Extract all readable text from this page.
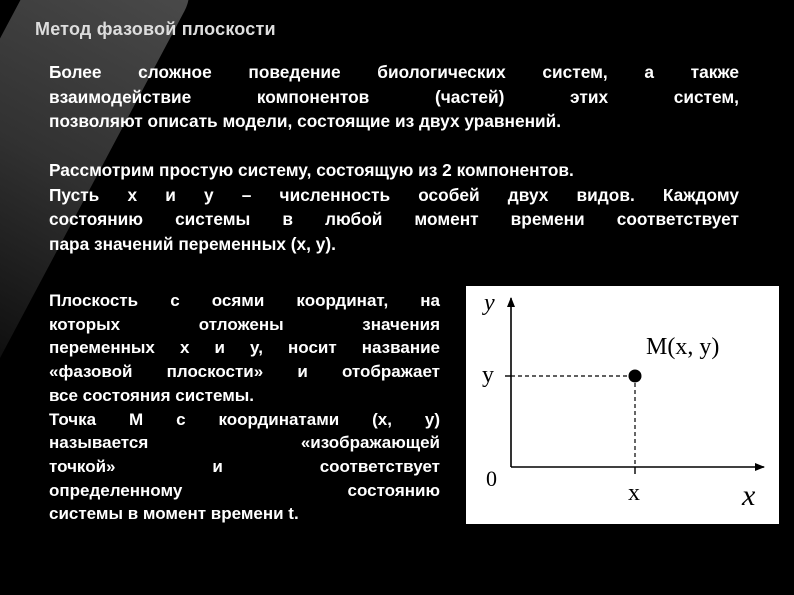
Метод фазовой плоскости
Более сложное поведение биологических систем, а также
взаимодействие компонентов (частей) этих систем,
позволяют описать модели, состоящие из двух уравнений.
Рассмотрим простую систему, состоящую из 2 компонентов.
Пусть x и y – численность особей двух видов. Каждому
состоянию системы в любой момент времени соответствует
пара значений переменных (x, y).
Плоскость с осями координат, на
которых отложены значения
переменных x и y, носит название
«фазовой плоскости» и отображает
все состояния системы.
Точка M с координатами (x, y)
называется «изображающей
точкой» и соответствует
определенному состоянию
системы в момент времени t.
y
y
M(x, y)
0
x	x
